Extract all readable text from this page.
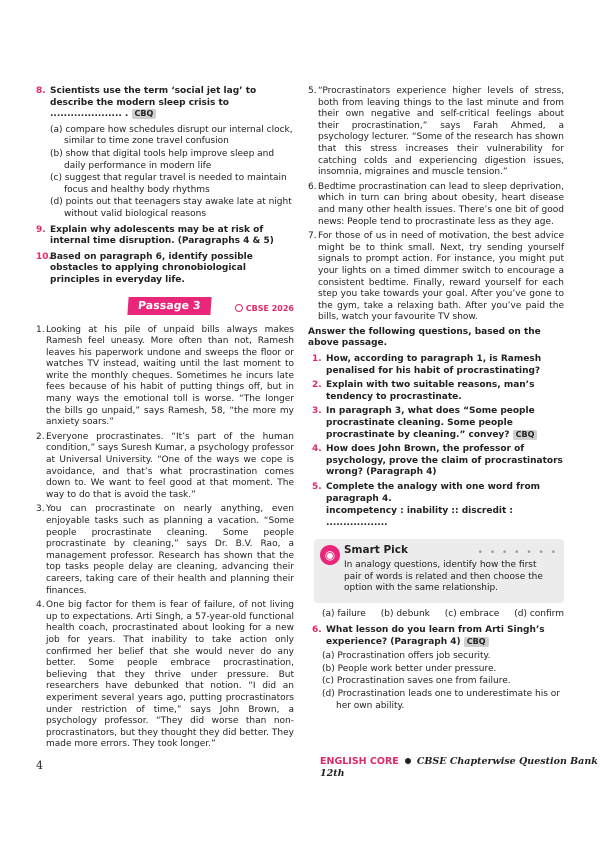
8. Scientists use the term ‘social jet lag’ to describe the modern sleep crisis to ..................... . CBQ
(a) compare how schedules disrupt our internal clock, similar to time zone travel confusion
(b) show that digital tools help improve sleep and daily performance in modern life
(c) suggest that regular travel is needed to maintain focus and healthy body rhythms
(d) points out that teenagers stay awake late at night without valid biological reasons
9. Explain why adolescents may be at risk of internal time disruption. (Paragraphs 4 & 5)
10.
Based on paragraph 6, identify possible obstacles to applying chronobiological principles in everyday life.
Passage 3	CBSE 2026
1. Looking at his pile of unpaid bills always makes Ramesh feel uneasy. More often than not, Ramesh leaves his paperwork undone and sweeps the floor or watches TV instead, waiting until the last moment to write the monthly cheques. Sometimes he incurs late fees because of his habit of putting things off, but in many ways the emotional toll is worse. “The longer the bills go unpaid,” says Ramesh, 58, “the more my anxiety soars.”
2. Everyone procrastinates. “It’s part of the human condition,” says Suresh Kumar, a psychology professor at Universal University. “One of the ways we cope is avoidance, and that’s what procrastination comes down to. We want to feel good at that moment. The way to do that is avoid the task.”
3. You can procrastinate on nearly anything, even enjoyable tasks such as planning a vacation. “Some people procrastinate cleaning. Some people procrastinate by cleaning,” says Dr. B.V. Rao, a management professor. Research has shown that the top tasks people delay are cleaning, advancing their careers, taking care of their health and planning their finances.
4. One big factor for them is fear of failure, of not living up to expectations. Arti Singh, a 57-year-old functional health coach, procrastinated about looking for a new job for years. That inability to take action only confirmed her belief that she would never do any better. Some people embrace procrastination, believing that they thrive under pressure. But researchers have debunked that notion. “I did an experiment several years ago, putting procrastinators under restriction of time,” says John Brown, a psychology professor. “They did worse than non-procrastinators, but they thought they did better. They made more errors. They took longer.”
5. “Procrastinators experience higher levels of stress, both from leaving things to the last minute and from their own negative and self-critical feelings about their procrastination,” says Farah Ahmed, a psychology lecturer. “Some of the research has shown that this stress increases their vulnerability for catching colds and experiencing digestion issues, insomnia, migraines and muscle tension.”
6. Bedtime procrastination can lead to sleep deprivation, which in turn can bring about obesity, heart disease and many other health issues. There’s one bit of good news: People tend to procrastinate less as they age.
7. For those of us in need of motivation, the best advice might be to think small. Next, try sending yourself signals to prompt action. For instance, you might put your lights on a timed dimmer switch to encourage a consistent bedtime. Finally, reward yourself for each step you take towards your goal. After you’ve gone to the gym, take a relaxing bath. After you’ve paid the bills, watch your favourite TV show.
Answer the following questions, based on the above passage.
1. How, according to paragraph 1, is Ramesh penalised for his habit of procrastinating?
2. Explain with two suitable reasons, man’s tendency to procrastinate.
3. In paragraph 3, what does “Some people procrastinate cleaning. Some people procrastinate by cleaning.” convey? CBQ
4. How does John Brown, the professor of psychology, prove the claim of procrastinators wrong? (Paragraph 4)
5. Complete the analogy with one word from paragraph 4.
incompetency : inability :: discredit : ..................
◉	• • • • • • •
Smart Pick
In analogy questions, identify how the first pair of words is related and then choose the option with the same relationship.
(a) failure (b) debunk (c) embrace (d) confirm
6. What lesson do you learn from Arti Singh’s experience? (Paragraph 4) CBQ
(a) Procrastination offers job security.
(b) People work better under pressure.
(c) Procrastination saves one from failure.
(d) Procrastination leads one to underestimate his or her own ability.
4	ENGLISH CORE CBSE Chapterwise Question Bank 12th
